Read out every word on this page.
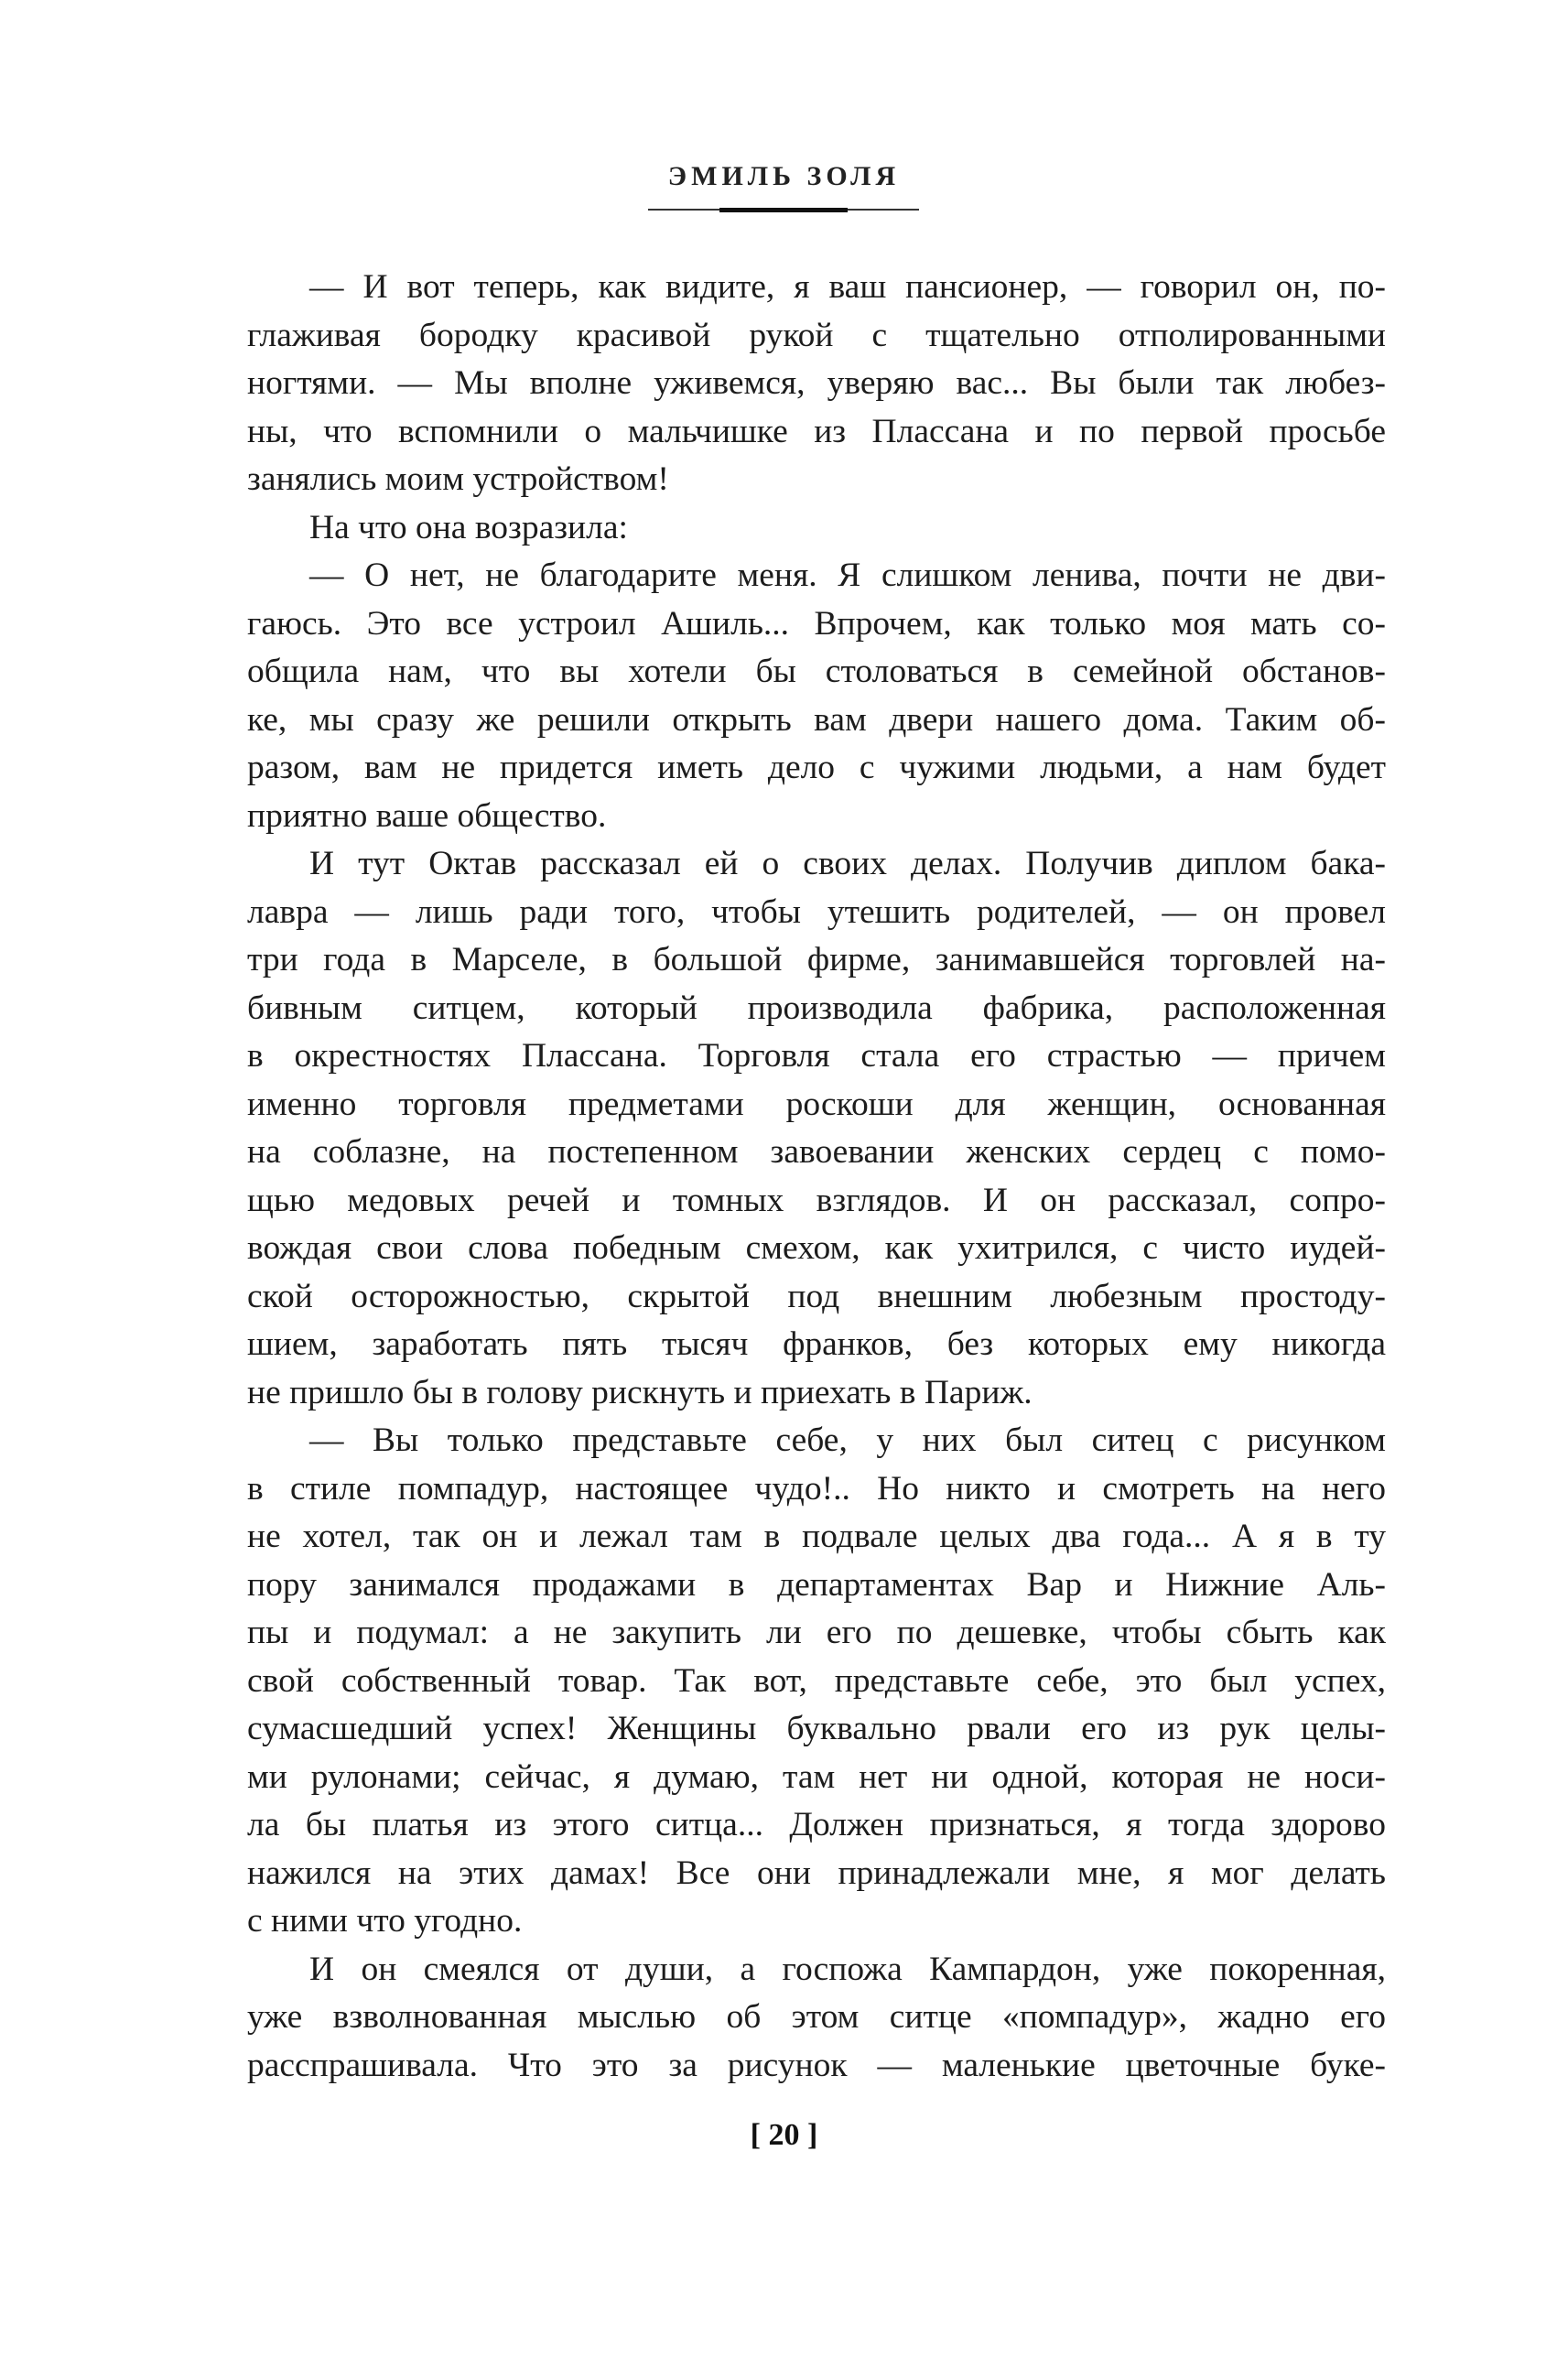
ЭМИЛЬ ЗОЛЯ

— И вот теперь, как видите, я ваш пансионер, — говорил он, по-

глаживая бородку красивой рукой с тщательно отполированными

ногтями. — Мы вполне уживемся, уверяю вас... Вы были так любез-

ны, что вспомнили о мальчишке из Плассана и по первой просьбе

занялись моим устройством!

На что она возразила:

— О нет, не благодарите меня. Я слишком ленива, почти не дви-

гаюсь. Это все устроил Ашиль... Впрочем, как только моя мать со-

общила нам, что вы хотели бы столоваться в семейной обстанов-

ке, мы сразу же решили открыть вам двери нашего дома. Таким об-

разом, вам не придется иметь дело с чужими людьми, а нам будет

приятно ваше общество.

И тут Октав рассказал ей о своих делах. Получив диплом бака-

лавра — лишь ради того, чтобы утешить родителей, — он провел

три года в Марселе, в большой фирме, занимавшейся торговлей на-

бивным ситцем, который производила фабрика, расположенная

в окрестностях Плассана. Торговля стала его страстью — причем

именно торговля предметами роскоши для женщин, основанная

на соблазне, на постепенном завоевании женских сердец с помо-

щью медовых речей и томных взглядов. И он рассказал, сопро-

вождая свои слова победным смехом, как ухитрился, с чисто иудей-

ской осторожностью, скрытой под внешним любезным простоду-

шием, заработать пять тысяч франков, без которых ему никогда

не пришло бы в голову рискнуть и приехать в Париж.

— Вы только представьте себе, у них был ситец с рисунком

в стиле помпадур, настоящее чудо!.. Но никто и смотреть на него

не хотел, так он и лежал там в подвале целых два года... А я в ту

пору занимался продажами в департаментах Вар и Нижние Аль-

пы и подумал: а не закупить ли его по дешевке, чтобы сбыть как

свой собственный товар. Так вот, представьте себе, это был успех,

сумасшедший успех! Женщины буквально рвали его из рук целы-

ми рулонами; сейчас, я думаю, там нет ни одной, которая не носи-

ла бы платья из этого ситца... Должен признаться, я тогда здорово

нажился на этих дамах! Все они принадлежали мне, я мог делать

с ними что угодно.

И он смеялся от души, а госпожа Кампардон, уже покоренная,

уже взволнованная мыслью об этом ситце «помпадур», жадно его

расспрашивала. Что это за рисунок — маленькие цветочные буке-

[ 20 ]
